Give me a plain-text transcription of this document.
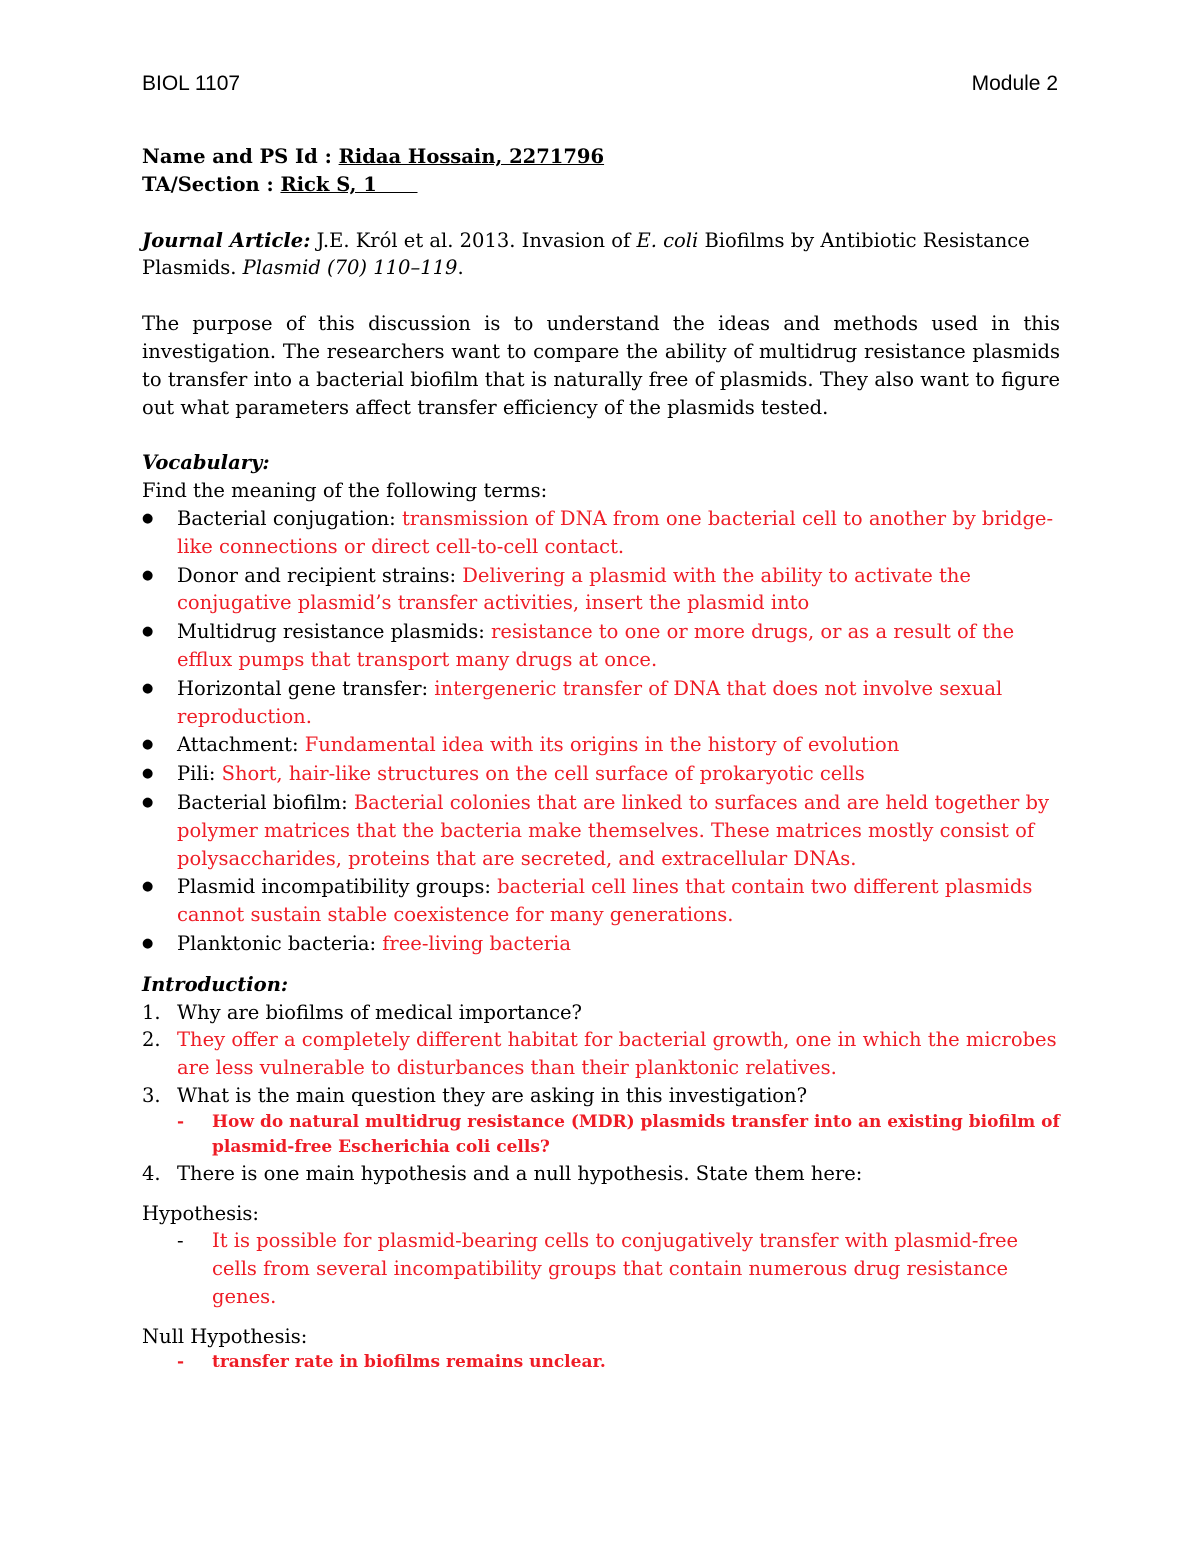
BIOL 1107	Module 2

Name and PS Id : Ridaa Hossain, 2271796

TA/Section : Rick S, 1

Journal Article: J.E. Król et al. 2013. Invasion of E. coli Biofilms by Antibiotic Resistance Plasmids. Plasmid (70) 110–119.

The purpose of this discussion is to understand the ideas and methods used in this investigation. The researchers want to compare the ability of multidrug resistance plasmids to transfer into a bacterial biofilm that is naturally free of plasmids. They also want to figure out what parameters affect transfer efficiency of the plasmids tested.

Vocabulary:

Find the meaning of the following terms:

● Bacterial conjugation: transmission of DNA from one bacterial cell to another by bridge-like connections or direct cell-to-cell contact.
● Donor and recipient strains: Delivering a plasmid with the ability to activate the conjugative plasmid’s transfer activities, insert the plasmid into
● Multidrug resistance plasmids: resistance to one or more drugs, or as a result of the efflux pumps that transport many drugs at once.
● Horizontal gene transfer: intergeneric transfer of DNA that does not involve sexual reproduction.
● Attachment: Fundamental idea with its origins in the history of evolution
● Pili: Short, hair-like structures on the cell surface of prokaryotic cells
● Bacterial biofilm: Bacterial colonies that are linked to surfaces and are held together by polymer matrices that the bacteria make themselves. These matrices mostly consist of polysaccharides, proteins that are secreted, and extracellular DNAs.
● Plasmid incompatibility groups: bacterial cell lines that contain two different plasmids cannot sustain stable coexistence for many generations.
● Planktonic bacteria: free-living bacteria

Introduction:

1. Why are biofilms of medical importance?
2. They offer a completely different habitat for bacterial growth, one in which the microbes are less vulnerable to disturbances than their planktonic relatives.
3. What is the main question they are asking in this investigation?

- How do natural multidrug resistance (MDR) plasmids transfer into an existing biofilm of plasmid-free Escherichia coli cells?

4. There is one main hypothesis and a null hypothesis. State them here:

Hypothesis:

- It is possible for plasmid-bearing cells to conjugatively transfer with plasmid-free cells from several incompatibility groups that contain numerous drug resistance genes.

Null Hypothesis:

- transfer rate in biofilms remains unclear.
